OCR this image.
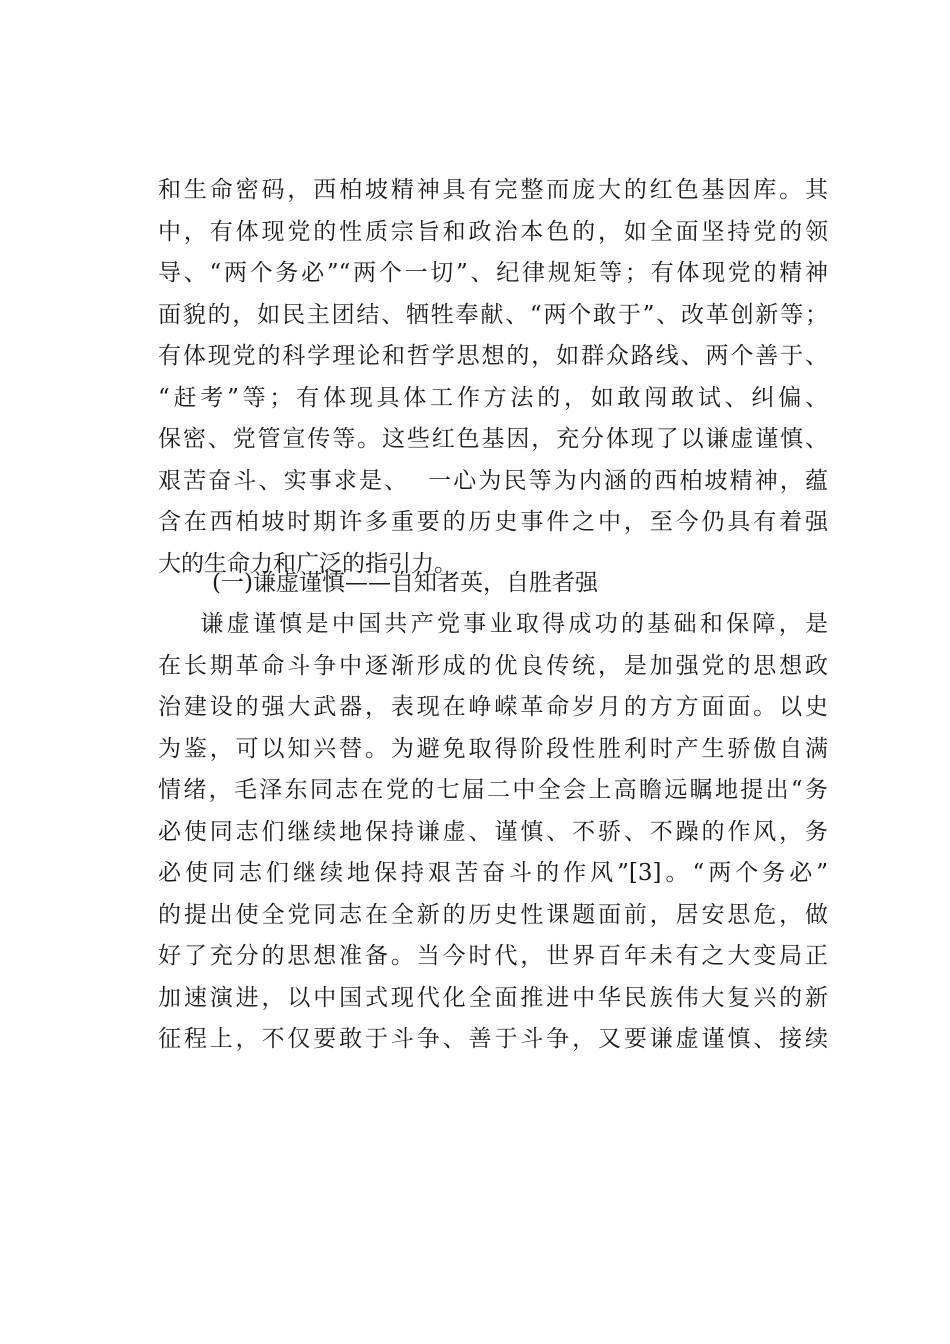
和生命密码，西柏坡精神具有完整而庞大的红色基因库。其
中，有体现党的性质宗旨和政治本色的，如全面坚持党的领
导、“两个务必”“两个一切”、纪律规矩等；有体现党的精神
面貌的，如民主团结、牺牲奉献、“两个敢于”、改革创新等；
有体现党的科学理论和哲学思想的，如群众路线、两个善于、
“赶考”等；有体现具体工作方法的，如敢闯敢试、纠偏、
保密、党管宣传等。这些红色基因，充分体现了以谦虚谨慎、
艰苦奋斗、实事求是、  一心为民等为内涵的西柏坡精神，蕴
含在西柏坡时期许多重要的历史事件之中，至今仍具有着强
大的生命力和广泛的指引力。
(一)谦虚谨慎——自知者英，自胜者强
谦虚谨慎是中国共产党事业取得成功的基础和保障，是
在长期革命斗争中逐渐形成的优良传统，是加强党的思想政
治建设的强大武器，表现在峥嵘革命岁月的方方面面。以史
为鉴，可以知兴替。为避免取得阶段性胜利时产生骄傲自满
情绪，毛泽东同志在党的七届二中全会上高瞻远瞩地提出“务
必使同志们继续地保持谦虚、谨慎、不骄、不躁的作风，务
必使同志们继续地保持艰苦奋斗的作风”[3]。“两个务必”
的提出使全党同志在全新的历史性课题面前，居安思危，做
好了充分的思想准备。当今时代，世界百年未有之大变局正
加速演进，以中国式现代化全面推进中华民族伟大复兴的新
征程上，不仅要敢于斗争、善于斗争，又要谦虚谨慎、接续
